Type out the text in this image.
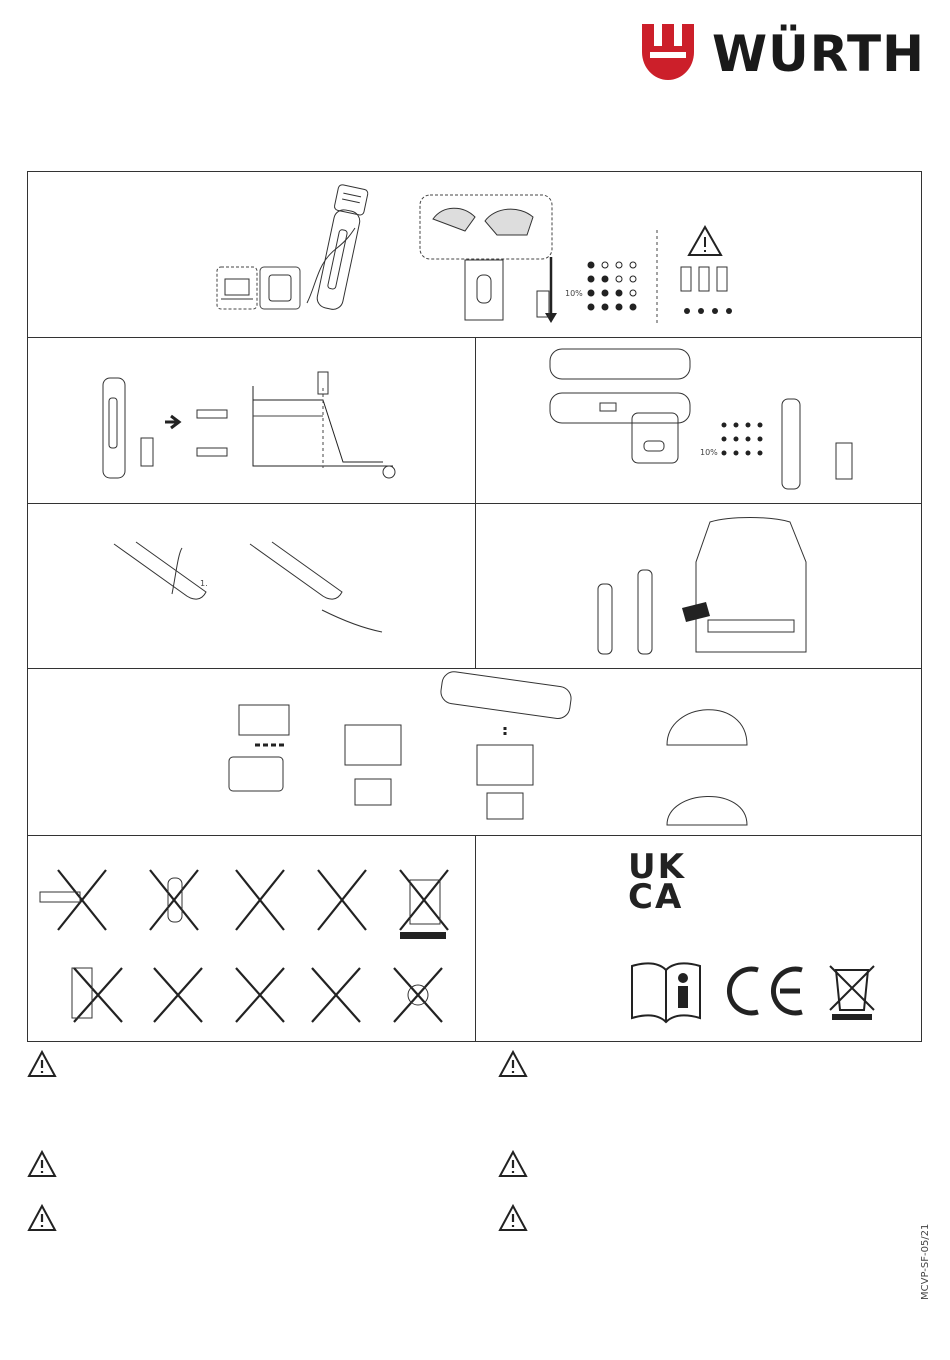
WÜRTH
10%
10%
1.
UK
CA
MCVP-SF-05/21
